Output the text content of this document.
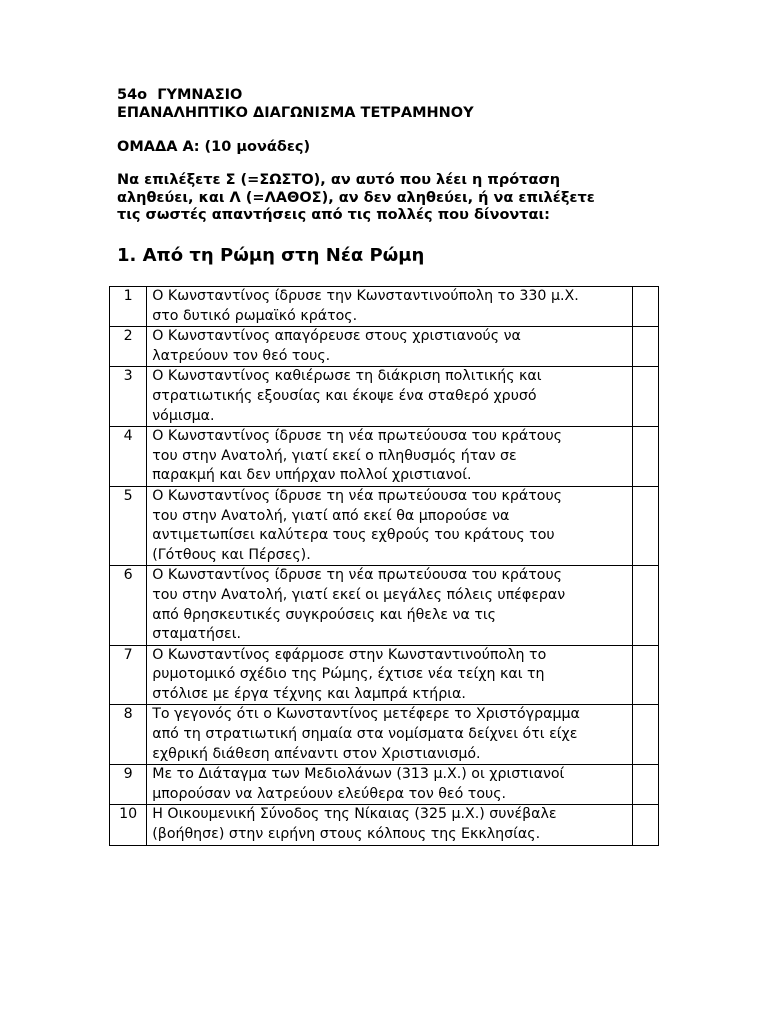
54ο  ΓΥΜΝΑΣΙΟ
ΕΠΑΝΑΛΗΠΤΙΚΟ ΔΙΑΓΩΝΙΣΜΑ ΤΕΤΡΑΜΗΝΟΥ
ΟΜΑΔΑ Α: (10 μονάδες)
Να επιλέξετε Σ (=ΣΩΣΤΟ), αν αυτό που λέει η πρόταση
αληθεύει, και Λ (=ΛΑΘΟΣ), αν δεν αληθεύει, ή να επιλέξετε
τις σωστές απαντήσεις από τις πολλές που δίνονται:
1. Από τη Ρώμη στη Νέα Ρώμη
1	Ο Κωνσταντίνος ίδρυσε την Κωνσταντινούπολη το 330 μ.Χ.
στο δυτικό ρωμαϊκό κράτος.	

2	Ο Κωνσταντίνος απαγόρευσε στους χριστιανούς να
λατρεύουν τον θεό τους.	

3	Ο Κωνσταντίνος καθιέρωσε τη διάκριση πολιτικής και
στρατιωτικής εξουσίας και έκοψε ένα σταθερό χρυσό
νόμισμα.	

4	Ο Κωνσταντίνος ίδρυσε τη νέα πρωτεύουσα του κράτους
του στην Ανατολή, γιατί εκεί ο πληθυσμός ήταν σε
παρακμή και δεν υπήρχαν πολλοί χριστιανοί.	

5	Ο Κωνσταντίνος ίδρυσε τη νέα πρωτεύουσα του κράτους
του στην Ανατολή, γιατί από εκεί θα μπορούσε να
αντιμετωπίσει καλύτερα τους εχθρούς του κράτους του
(Γότθους και Πέρσες).	

6	Ο Κωνσταντίνος ίδρυσε τη νέα πρωτεύουσα του κράτους
του στην Ανατολή, γιατί εκεί οι μεγάλες πόλεις υπέφεραν
από θρησκευτικές συγκρούσεις και ήθελε να τις
σταματήσει.	

7	Ο Κωνσταντίνος εφάρμοσε στην Κωνσταντινούπολη το
ρυμοτομικό σχέδιο της Ρώμης, έχτισε νέα τείχη και τη
στόλισε με έργα τέχνης και λαμπρά κτήρια.	

8	Το γεγονός ότι ο Κωνσταντίνος μετέφερε το Χριστόγραμμα
από τη στρατιωτική σημαία στα νομίσματα δείχνει ότι είχε
εχθρική διάθεση απέναντι στον Χριστιανισμό.	

9	Με το Διάταγμα των Μεδιολάνων (313 μ.Χ.) οι χριστιανοί
μπορούσαν να λατρεύουν ελεύθερα τον θεό τους.	

10	Η Οικουμενική Σύνοδος της Νίκαιας (325 μ.Χ.) συνέβαλε
(βοήθησε) στην ειρήνη στους κόλπους της Εκκλησίας.	
